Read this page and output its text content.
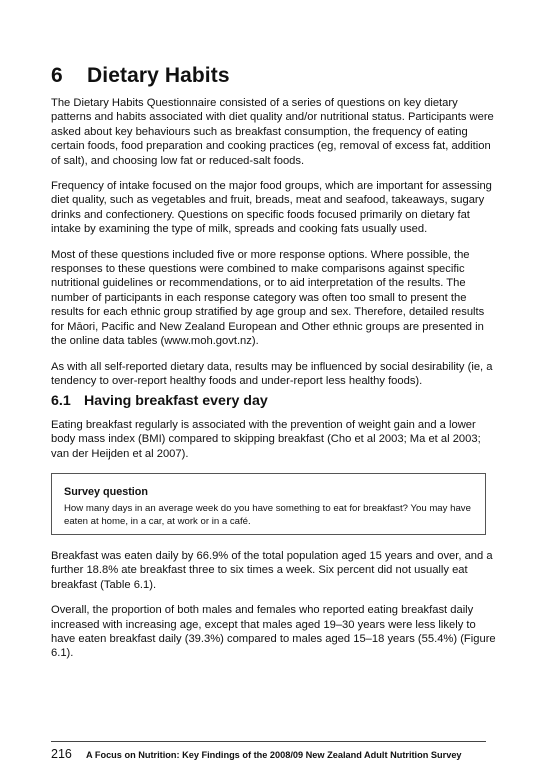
6 Dietary Habits

The Dietary Habits Questionnaire consisted of a series of questions on key dietary patterns and habits associated with diet quality and/or nutritional status. Participants were asked about key behaviours such as breakfast consumption, the frequency of eating certain foods, food preparation and cooking practices (eg, removal of excess fat, addition of salt), and choosing low fat or reduced-salt foods.

Frequency of intake focused on the major food groups, which are important for assessing diet quality, such as vegetables and fruit, breads, meat and seafood, takeaways, sugary drinks and confectionery. Questions on specific foods focused primarily on dietary fat intake by examining the type of milk, spreads and cooking fats usually used.

Most of these questions included five or more response options. Where possible, the responses to these questions were combined to make comparisons against specific nutritional guidelines or recommendations, or to aid interpretation of the results. The number of participants in each response category was often too small to present the results for each ethnic group stratified by age group and sex. Therefore, detailed results for Māori, Pacific and New Zealand European and Other ethnic groups are presented in the online data tables (www.moh.govt.nz).

As with all self-reported dietary data, results may be influenced by social desirability (ie, a tendency to over-report healthy foods and under-report less healthy foods).

6.1 Having breakfast every day

Eating breakfast regularly is associated with the prevention of weight gain and a lower body mass index (BMI) compared to skipping breakfast (Cho et al 2003; Ma et al 2003; van der Heijden et al 2007).

Survey question

How many days in an average week do you have something to eat for breakfast? You may have eaten at home, in a car, at work or in a café.

Breakfast was eaten daily by 66.9% of the total population aged 15 years and over, and a further 18.8% ate breakfast three to six times a week. Six percent did not usually eat breakfast (Table 6.1).

Overall, the proportion of both males and females who reported eating breakfast daily increased with increasing age, except that males aged 19–30 years were less likely to have eaten breakfast daily (39.3%) compared to males aged 15–18 years (55.4%) (Figure 6.1).

216 A Focus on Nutrition: Key Findings of the 2008/09 New Zealand Adult Nutrition Survey
